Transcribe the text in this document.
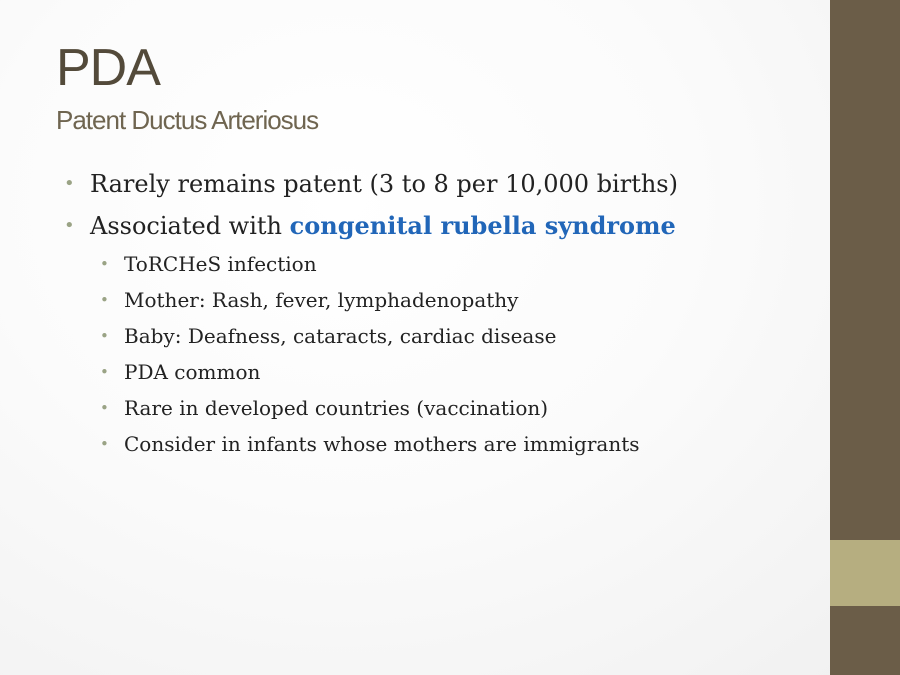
PDA
Patent Ductus Arteriosus
• Rarely remains patent (3 to 8 per 10,000 births)
• Associated with congenital rubella syndrome
• ToRCHeS infection
• Mother: Rash, fever, lymphadenopathy
• Baby: Deafness, cataracts, cardiac disease
• PDA common
• Rare in developed countries (vaccination)
• Consider in infants whose mothers are immigrants
